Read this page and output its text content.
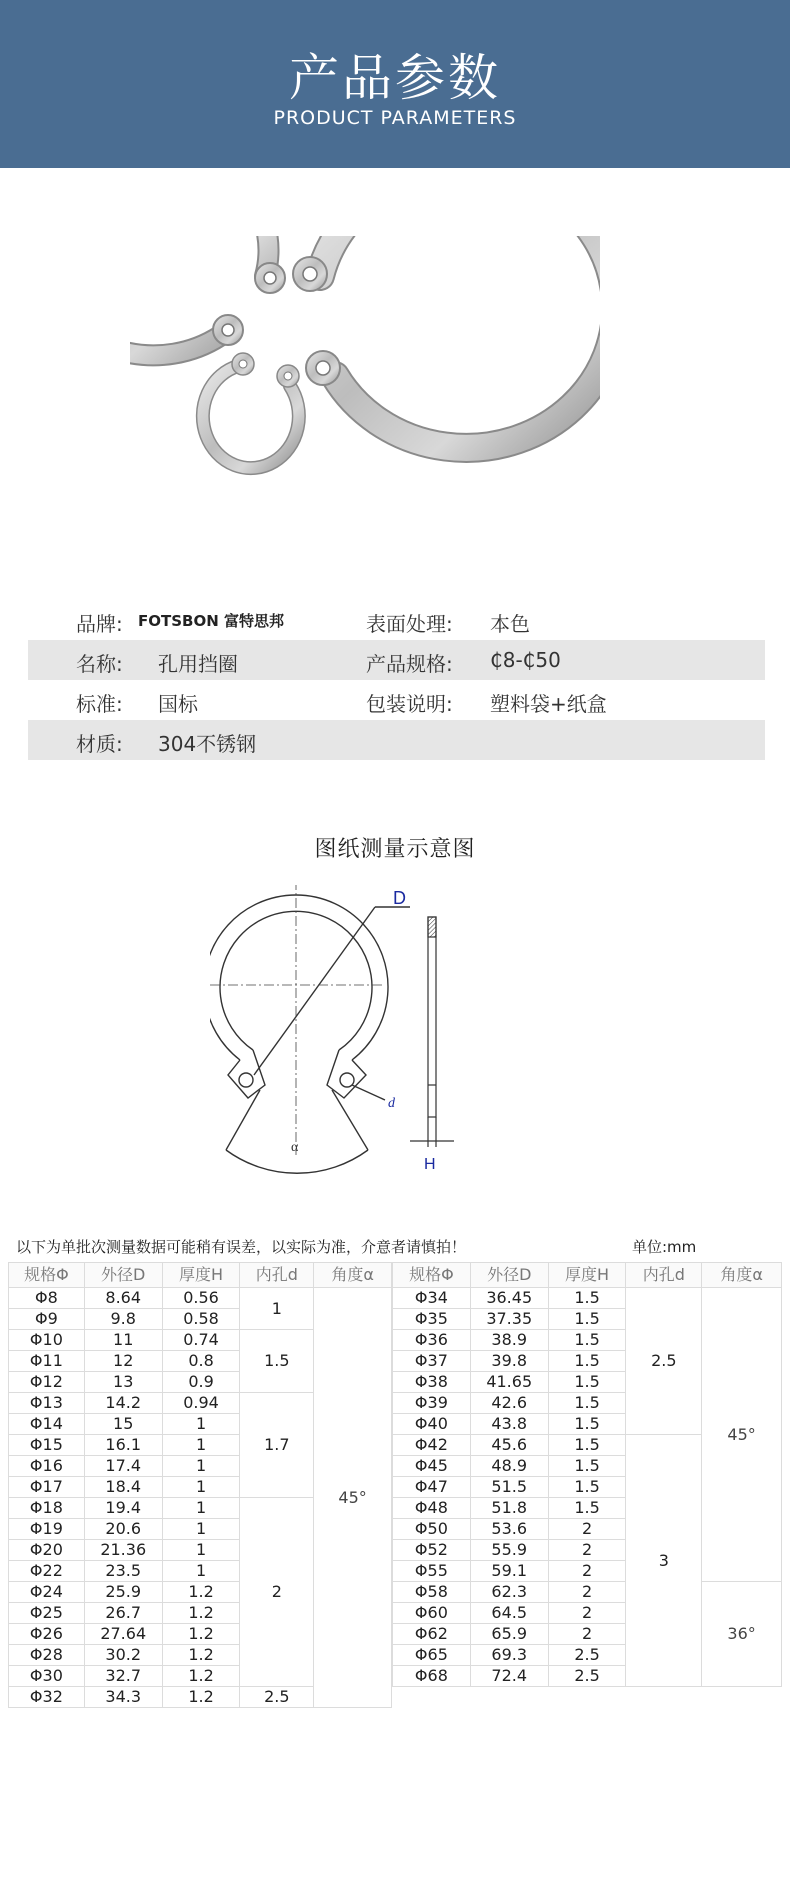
产品参数
PRODUCT PARAMETERS
品牌: FOTSBON 富特思邦	表面处理: 本色
名称: 孔用挡圈	产品规格: ₵8-₵50
标准: 国标	包装说明: 塑料袋+纸盒
材质: 304不锈钢
图纸测量示意图
D
d
H
α
以下为单批次测量数据可能稍有误差，以实际为准，介意者请慎拍！	单位:mm
规格Φ	外径D	厚度H	内孔d	角度α
Φ8	8.64	0.56	1	45°
Φ9	9.8	0.58		
Φ10	11	0.74	1.5	
Φ11	12	0.8		
Φ12	13	0.9		
Φ13	14.2	0.94	1.7	
Φ14	15	1		
Φ15	16.1	1		
Φ16	17.4	1		
Φ17	18.4	1		
Φ18	19.4	1	2	
Φ19	20.6	1		
Φ20	21.36	1		
Φ22	23.5	1		
Φ24	25.9	1.2		
Φ25	26.7	1.2		
Φ26	27.64	1.2		
Φ28	30.2	1.2		
Φ30	32.7	1.2		
Φ32	34.3	1.2	2.5	
规格Φ	外径D	厚度H	内孔d	角度α
Φ34	36.45	1.5	2.5	45°
Φ35	37.35	1.5		
Φ36	38.9	1.5		
Φ37	39.8	1.5		
Φ38	41.65	1.5		
Φ39	42.6	1.5		
Φ40	43.8	1.5		
Φ42	45.6	1.5	3	
Φ45	48.9	1.5		
Φ47	51.5	1.5		
Φ48	51.8	1.5		
Φ50	53.6	2		
Φ52	55.9	2		
Φ55	59.1	2		
Φ58	62.3	2		36°
Φ60	64.5	2		
Φ62	65.9	2		
Φ65	69.3	2.5		
Φ68	72.4	2.5		
